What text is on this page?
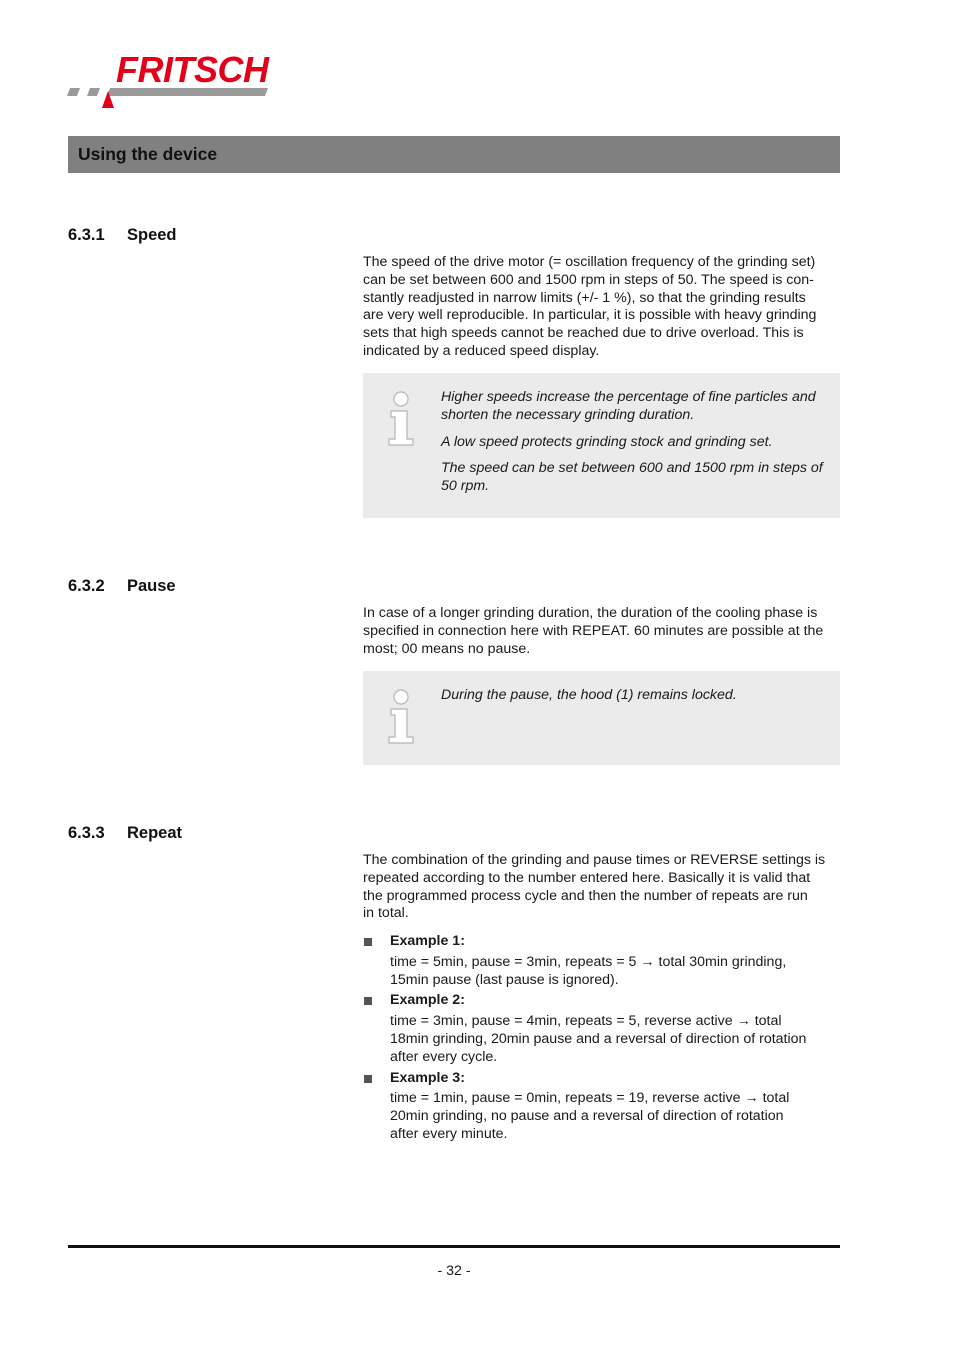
FRITSCH
Using the device
6.3.1 Speed

The speed of the drive motor (= oscillation frequency of the grinding set)

can be set between 600 and 1500 rpm in steps of 50. The speed is con-

stantly readjusted in narrow limits (+/- 1 %), so that the grinding results

are very well reproducible. In particular, it is possible with heavy grinding

sets that high speeds cannot be reached due to drive overload. This is

indicated by a reduced speed display.

Higher speeds increase the percentage of fine particles and shorten the necessary grinding duration.

A low speed protects grinding stock and grinding set.

The speed can be set between 600 and 1500 rpm in steps of 50 rpm.

6.3.2 Pause

In case of a longer grinding duration, the duration of the cooling phase is

specified in connection here with REPEAT. 60 minutes are possible at the

most; 00 means no pause.

During the pause, the hood (1) remains locked.

6.3.3 Repeat

The combination of the grinding and pause times or REVERSE settings is

repeated according to the number entered here. Basically it is valid that

the programmed process cycle and then the number of repeats are run

in total.

Example 1:
time = 5min, pause = 3min, repeats = 5 → total 30min grinding, 15min pause (last pause is ignored).
Example 2:
time = 3min, pause = 4min, repeats = 5, reverse active → total 18min grinding, 20min pause and a reversal of direction of rotation after every cycle.
Example 3:
time = 1min, pause = 0min, repeats = 19, reverse active → total 20min grinding, no pause and a reversal of direction of rotation after every minute.
- 32 -
